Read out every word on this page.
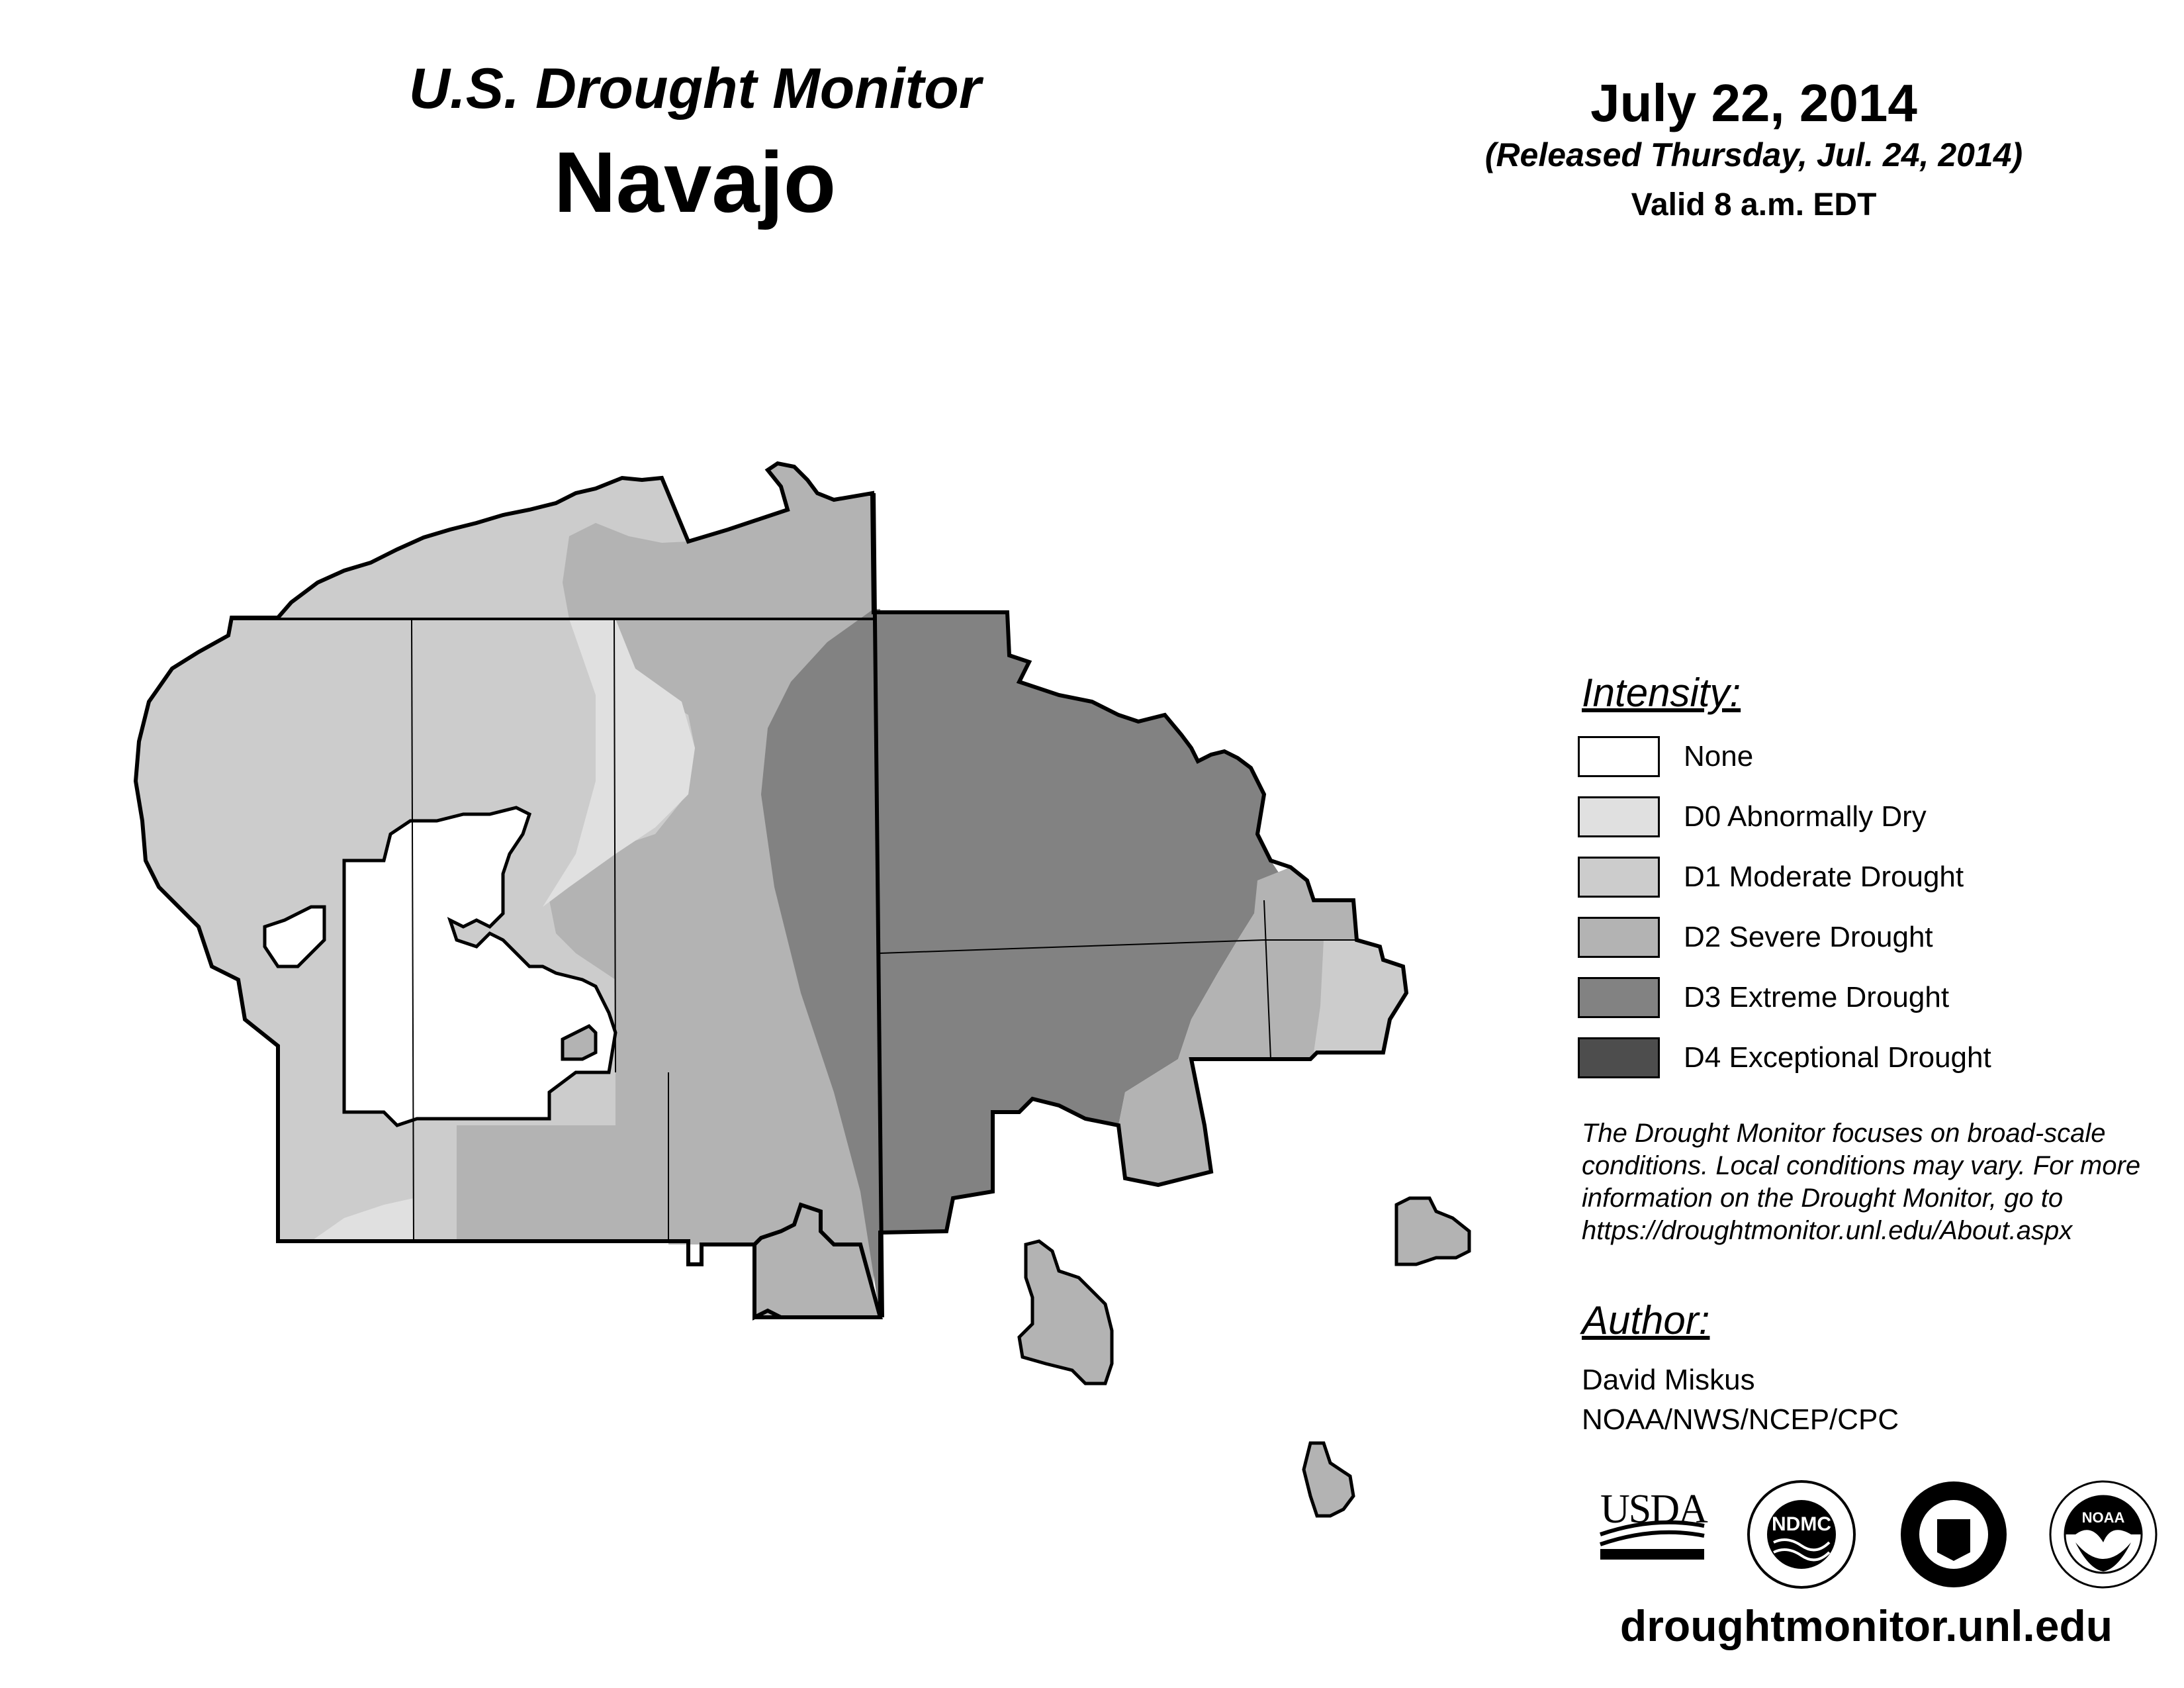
U.S. Drought Monitor
Navajo
July 22, 2014
(Released Thursday, Jul. 24, 2014)
Valid 8 a.m. EDT
USDA	NDMC	NOAA
Intensity:
None
D0 Abnormally Dry
D1 Moderate Drought
D2 Severe Drought
D3 Extreme Drought
D4 Exceptional Drought
The Drought Monitor focuses on broad-scale
conditions. Local conditions may vary. For more
information on the Drought Monitor, go to
https://droughtmonitor.unl.edu/About.aspx
Author:
David Miskus
NOAA/NWS/NCEP/CPC
droughtmonitor.unl.edu
